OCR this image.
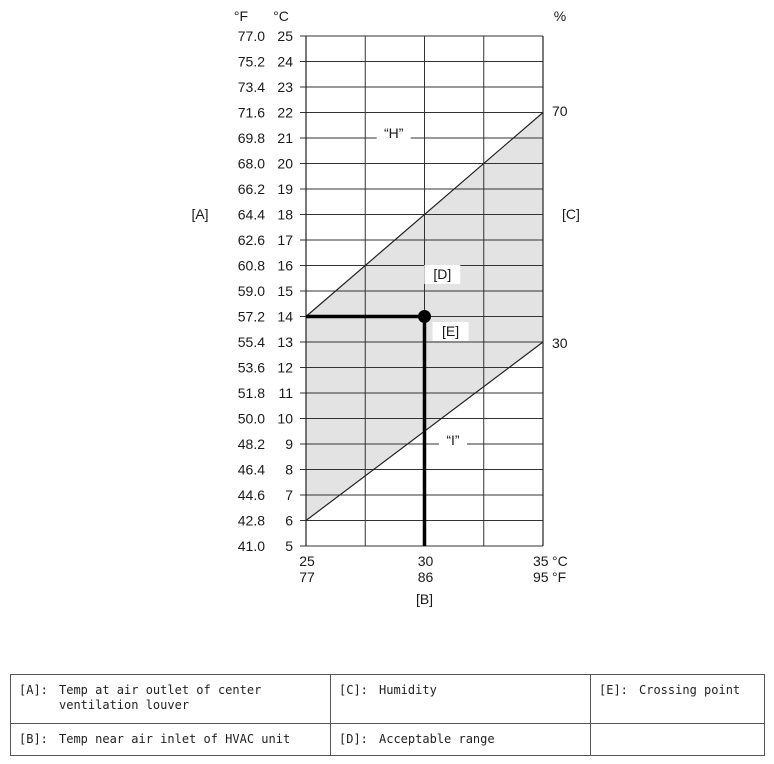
41.0 5
42.8 6
44.6 7
46.4 8
48.2 9
50.0 10
51.8 11
53.6 12
55.4 13
57.2 14
59.0 15
60.8 16
62.6 17
64.4 18
66.2 19
68.0 20
69.8 21
71.6 22
73.4 23
75.2 24
77.0 25
°F °C	%
25
77
30
86
35
95
°C
°F
[B]
[A]	[C]
70
30
[D]
[E]
“H”
“I”
[A]: Temp at air outlet of center ventilation louver	[C]: Humidity	[E]: Crossing point

[B]: Temp near air inlet of HVAC unit	[D]: Acceptable range	
